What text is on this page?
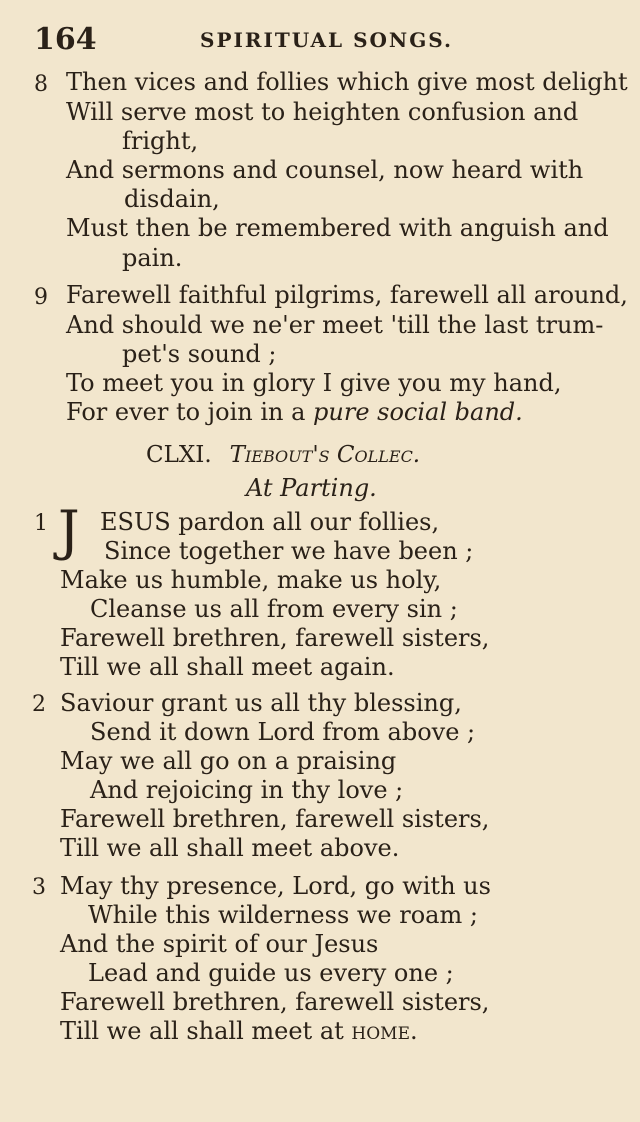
164	SPIRITUAL SONGS.
8 Then vices and follies which give most delight
Will serve most to heighten confusion and
fright,
And sermons and counsel, now heard with
disdain,
Must then be remembered with anguish and
pain.
9 Farewell faithful pilgrims, farewell all around,
And should we ne'er meet 'till the last trum-
pet's sound ;
To meet you in glory I give you my hand,
For ever to join in a pure social band.
CLXI. Tiebout's Collec.
At Parting.
1 J ESUS pardon all our follies,
Since together we have been ;
Make us humble, make us holy,
Cleanse us all from every sin ;
Farewell brethren, farewell sisters,
Till we all shall meet again.
2 Saviour grant us all thy blessing,
Send it down Lord from above ;
May we all go on a praising
And rejoicing in thy love ;
Farewell brethren, farewell sisters,
Till we all shall meet above.
3 May thy presence, Lord, go with us
While this wilderness we roam ;
And the spirit of our Jesus
Lead and guide us every one ;
Farewell brethren, farewell sisters,
Till we all shall meet at home.
